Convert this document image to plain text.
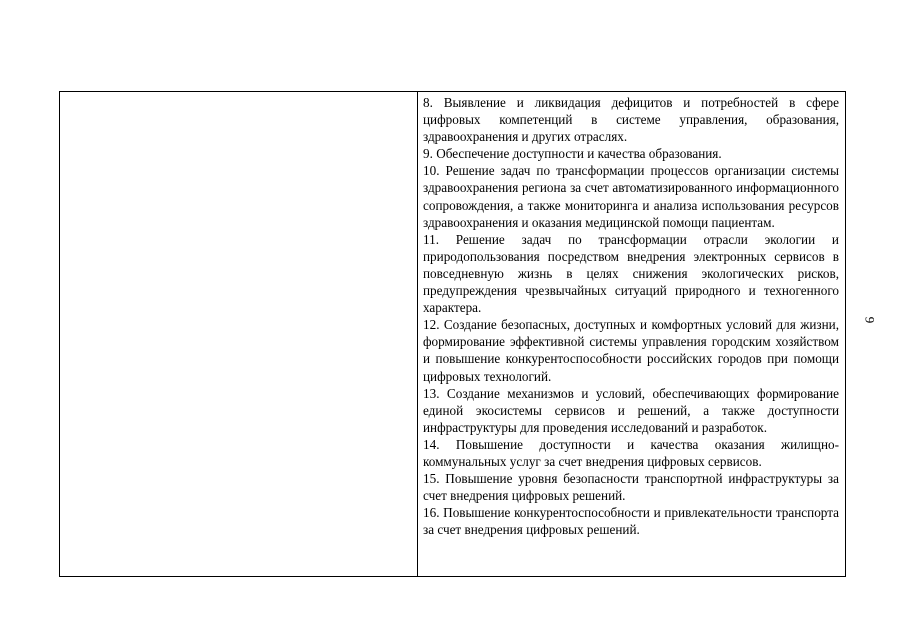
8. Выявление и ликвидация дефицитов и потребностей в сфере цифровых компетенций в системе управления, образования, здравоохранения и других отраслях.

9. Обеспечение доступности и качества образования.

10. Решение задач по трансформации процессов организации системы здравоохранения региона за счет автоматизированного информационного сопровождения, а также мониторинга и анализа использования ресурсов здравоохранения и оказания медицинской помощи пациентам.

11. Решение задач по трансформации отрасли экологии и природопользования посредством внедрения электронных сервисов в повседневную жизнь в целях снижения экологических рисков, предупреждения чрезвычайных ситуаций природного и техногенного характера.

12. Создание безопасных, доступных и комфортных условий для жизни, формирование эффективной системы управления городским хозяйством и повышение конкурентоспособности российских городов при помощи цифровых технологий.

13. Создание механизмов и условий, обеспечивающих формирование единой экосистемы сервисов и решений, а также доступности инфраструктуры для проведения исследований и разработок.

14. Повышение доступности и качества оказания жилищно-коммунальных услуг за счет внедрения цифровых сервисов.

15. Повышение уровня безопасности транспортной инфраструктуры за счет внедрения цифровых решений.

16. Повышение конкурентоспособности и привлекательности транспорта за счет внедрения цифровых решений.

9
